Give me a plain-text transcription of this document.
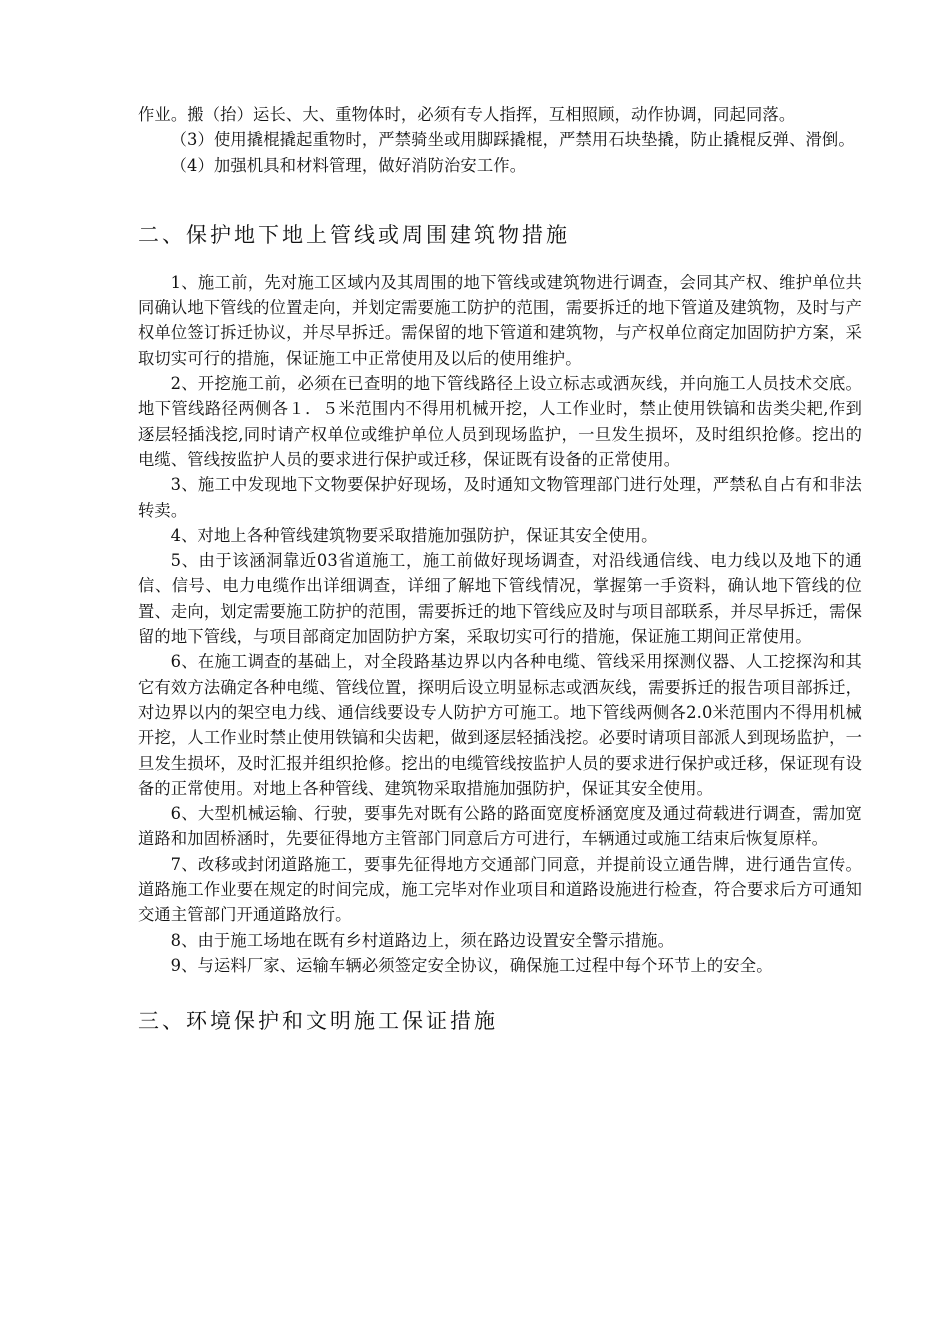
作业。搬（抬）运长、大、重物体时，必须有专人指挥，互相照顾，动作协调，同起同落。

（3）使用撬棍撬起重物时，严禁骑坐或用脚踩撬棍，严禁用石块垫撬，防止撬棍反弹、滑倒。

（4）加强机具和材料管理，做好消防治安工作。

二、保护地下地上管线或周围建筑物措施

1、施工前，先对施工区域内及其周围的地下管线或建筑物进行调查，会同其产权、维护单位共同确认地下管线的位置走向，并划定需要施工防护的范围，需要拆迁的地下管道及建筑物，及时与产权单位签订拆迁协议，并尽早拆迁。需保留的地下管道和建筑物，与产权单位商定加固防护方案，采取切实可行的措施，保证施工中正常使用及以后的使用维护。

2、开挖施工前，必须在已查明的地下管线路径上设立标志或洒灰线，并向施工人员技术交底。地下管线路径两侧各１．５米范围内不得用机械开挖，人工作业时，禁止使用铁镐和齿类尖耙,作到逐层轻插浅挖,同时请产权单位或维护单位人员到现场监护，一旦发生损坏，及时组织抢修。挖出的电缆、管线按监护人员的要求进行保护或迁移，保证既有设备的正常使用。

3、施工中发现地下文物要保护好现场，及时通知文物管理部门进行处理，严禁私自占有和非法转卖。

4、对地上各种管线建筑物要采取措施加强防护，保证其安全使用。

5、由于该涵洞靠近03省道施工，施工前做好现场调查，对沿线通信线、电力线以及地下的通信、信号、电力电缆作出详细调查，详细了解地下管线情况，掌握第一手资料，确认地下管线的位置、走向，划定需要施工防护的范围，需要拆迁的地下管线应及时与项目部联系，并尽早拆迁，需保留的地下管线，与项目部商定加固防护方案，采取切实可行的措施，保证施工期间正常使用。

6、在施工调查的基础上，对全段路基边界以内各种电缆、管线采用探测仪器、人工挖探沟和其它有效方法确定各种电缆、管线位置，探明后设立明显标志或洒灰线，需要拆迁的报告项目部拆迁，对边界以内的架空电力线、通信线要设专人防护方可施工。地下管线两侧各2.0米范围内不得用机械开挖，人工作业时禁止使用铁镐和尖齿耙，做到逐层轻插浅挖。必要时请项目部派人到现场监护，一旦发生损坏，及时汇报并组织抢修。挖出的电缆管线按监护人员的要求进行保护或迁移，保证现有设备的正常使用。对地上各种管线、建筑物采取措施加强防护，保证其安全使用。

6、大型机械运输、行驶，要事先对既有公路的路面宽度桥涵宽度及通过荷载进行调查，需加宽道路和加固桥涵时，先要征得地方主管部门同意后方可进行，车辆通过或施工结束后恢复原样。

7、改移或封闭道路施工，要事先征得地方交通部门同意，并提前设立通告牌，进行通告宣传。道路施工作业要在规定的时间完成，施工完毕对作业项目和道路设施进行检查，符合要求后方可通知交通主管部门开通道路放行。

8、由于施工场地在既有乡村道路边上，须在路边设置安全警示措施。

9、与运料厂家、运输车辆必须签定安全协议，确保施工过程中每个环节上的安全。

三、环境保护和文明施工保证措施
